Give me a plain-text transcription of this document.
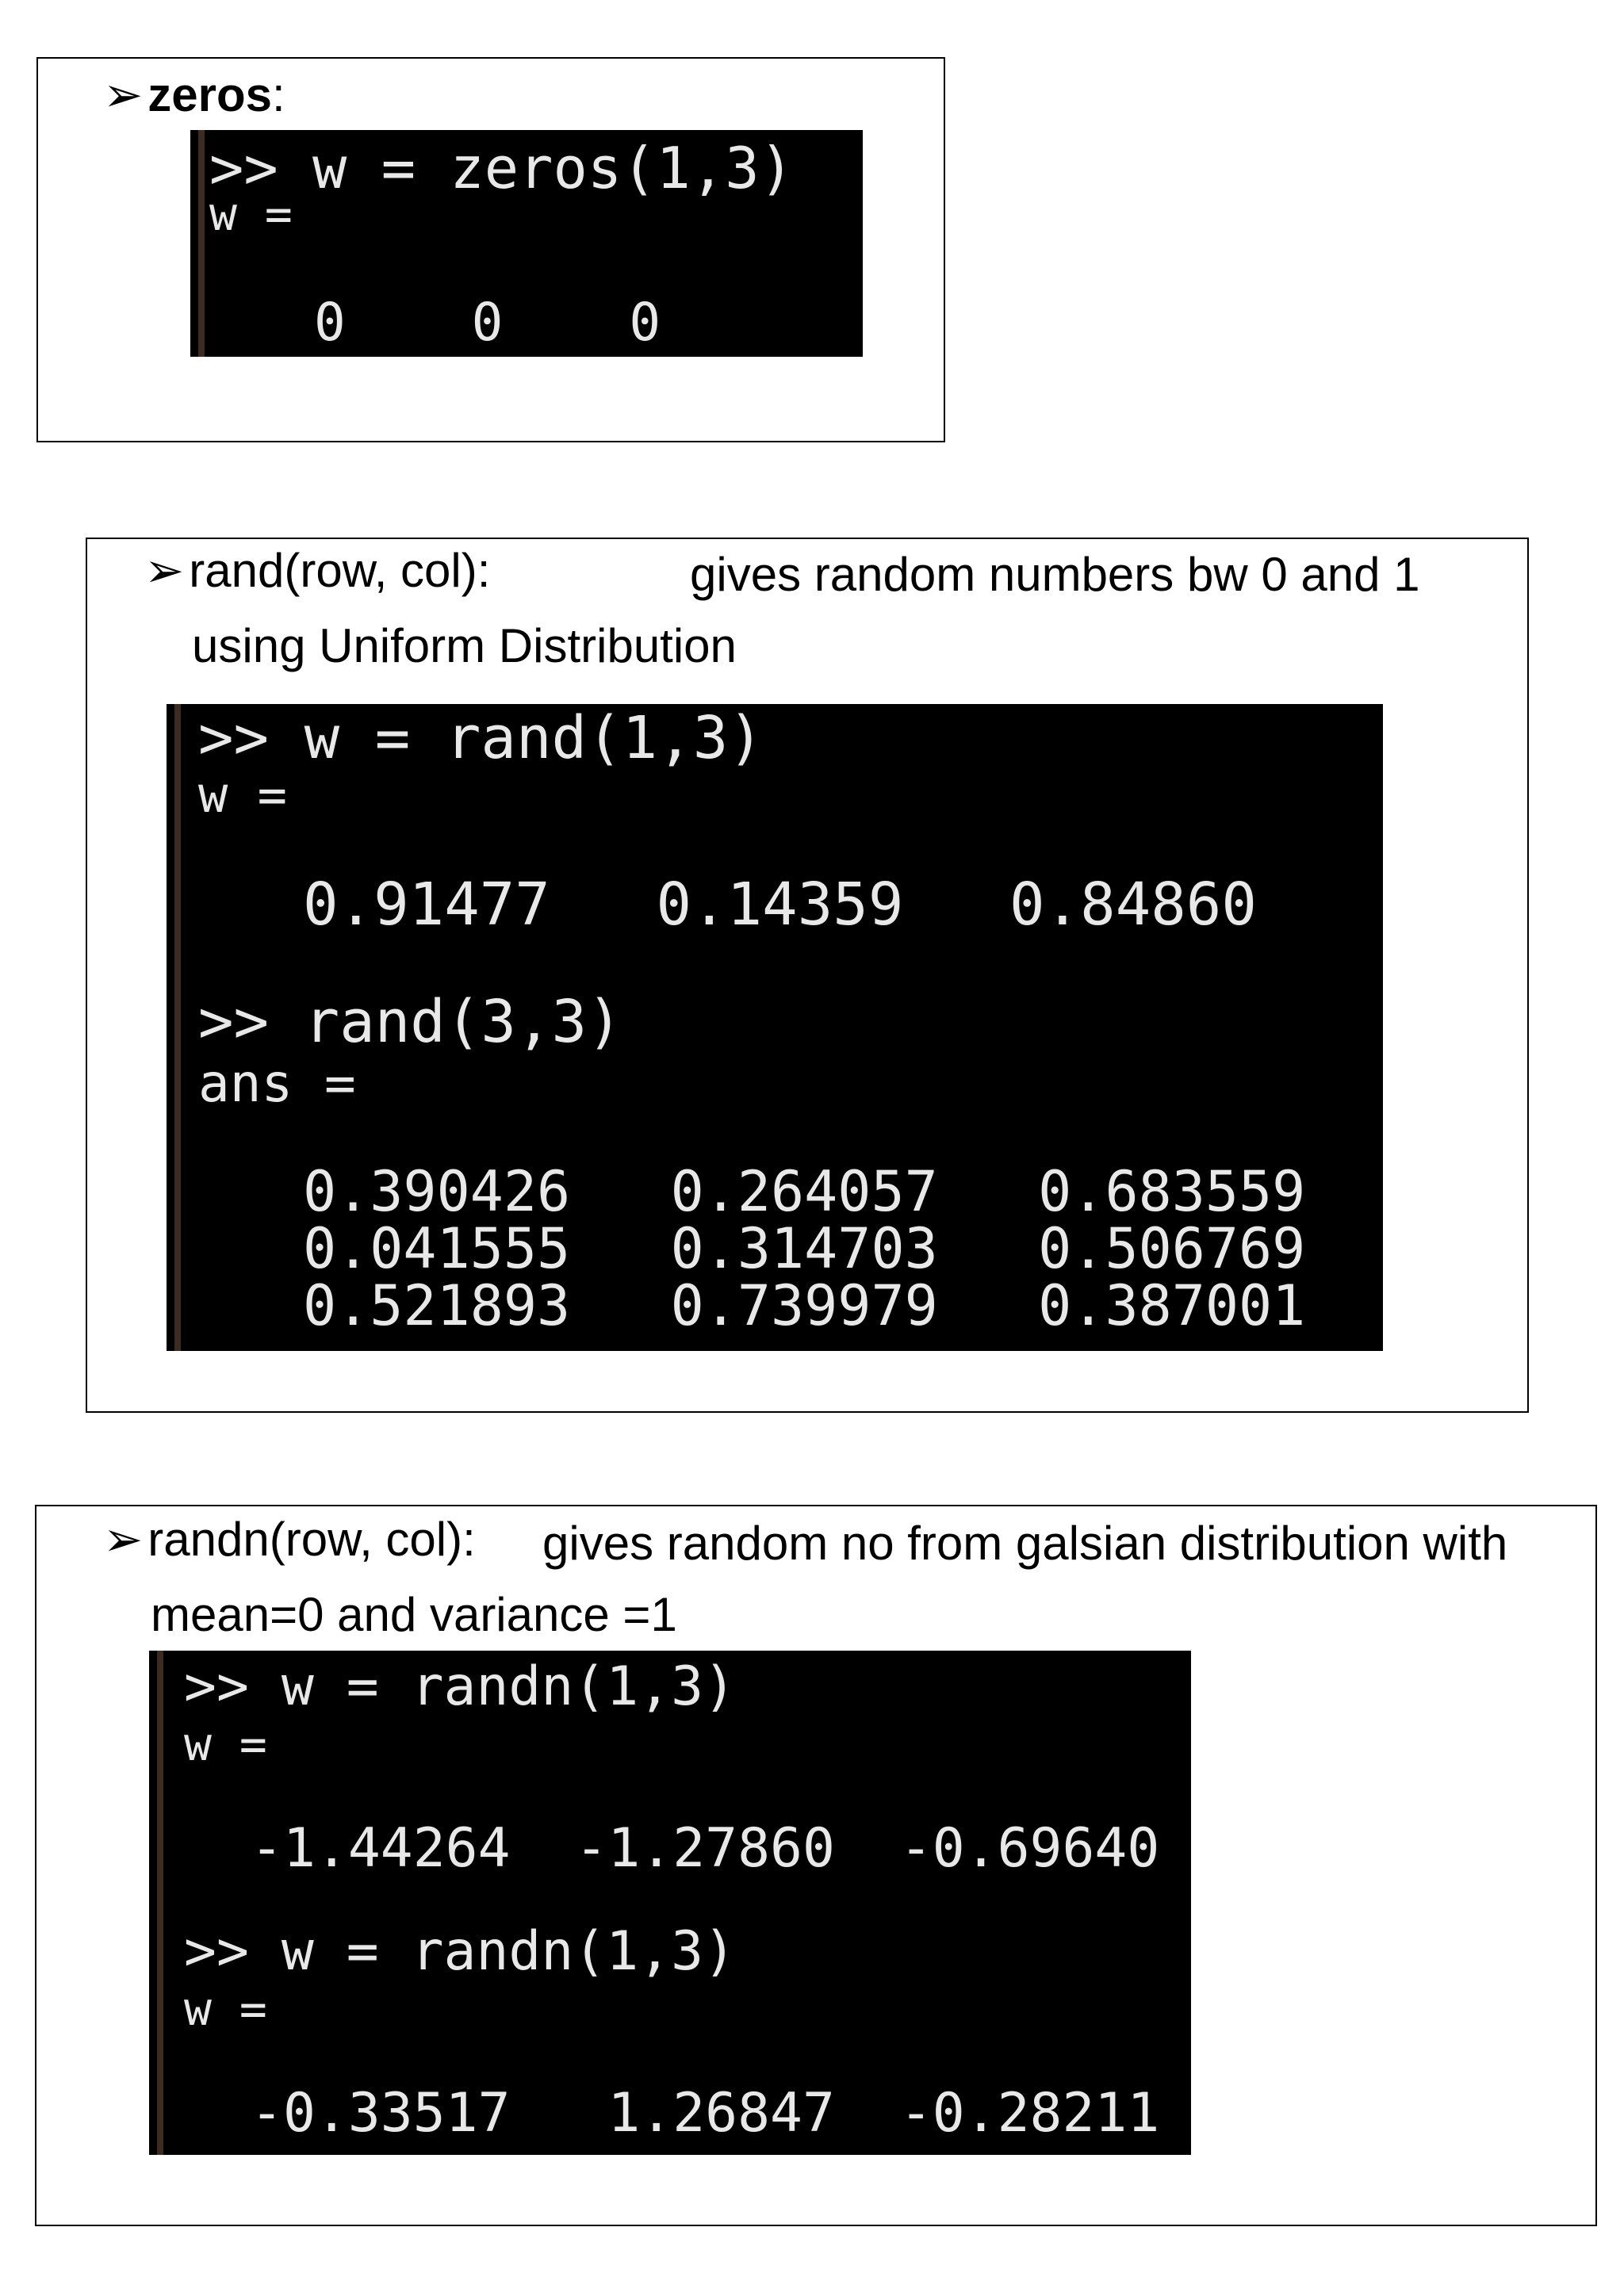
➢ zeros:
>> w = zeros(1,3)
w =
0    0    0
➢ rand(row, col):	gives random numbers bw 0 and 1
using Uniform Distribution
>> w = rand(1,3)
w =
0.91477   0.14359   0.84860
>> rand(3,3)
ans =
0.390426   0.264057   0.683559
0.041555   0.314703   0.506769
0.521893   0.739979   0.387001
➢ randn(row, col): gives random no from galsian distribution with
mean=0 and variance =1
>> w = randn(1,3)
w =
-1.44264  -1.27860  -0.69640
>> w = randn(1,3)
w =
-0.33517   1.26847  -0.28211
